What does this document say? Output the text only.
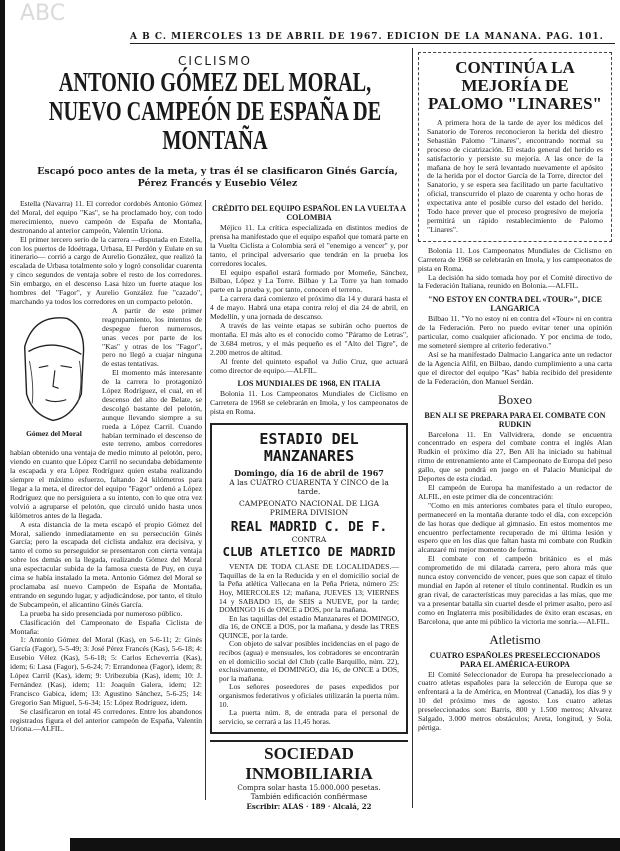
ABC
A B C. MIERCOLES 13 DE ABRIL DE 1967. EDICION DE LA MAÑANA. PAG. 101.
CICLISMO
ANTONIO GÓMEZ DEL MORAL, NUEVO CAMPEÓN DE ESPAÑA DE MONTAÑA
Escapó poco antes de la meta, y tras él se clasificaron Ginés García, Pérez Francés y Eusebio Vélez

Estella (Navarra) 11. El corredor cordobés Antonio Gómez del Moral, del equipo "Kas", se ha proclamado hoy, con todo merecimiento, nuevo campeón de España de Montaña, destronando al anterior campeón, Valentín Uriona.

El primer tercero serio de la carrera —disputada en Estella, con los puertos de Idoétraga, Urbasa, El Perdón y Eulate en su itinerario— corrió a cargo de Aurelio González, que realizó la escalada de Urbasa totalmente solo y logró consolidar cuarenta y cinco segundos de ventaja sobre el resto de los corredores. Sin embargo, en el descenso Lasa hizo un fuerte ataque los hombres del "Fagor", y Aurelio González fue "cazado", marchando ya todos los corredores en un compacto pelotón.

Gómez del Moral

A partir de este primer reagrupamiento, los intentos de despegue fueron numerosos, unas veces por parte de los "Kas" y otras de los "Fagor", pero no llegó a cuajar ninguna de estas tentativas.

El momento más interesante de la carrera lo protagonizó López Rodríguez, el cual, en el descenso del alto de Belate, se descolgó bastante del pelotón, aunque llevando siempre a su rueda a López Carril. Cuando habían terminado el descenso de este terreno, ambos corredores habían obtenido una ventaja de medio minuto al pelotón, pero, viendo en cuanto que López Carril no secundaba debidamente la escapada y era López Rodríguez quien estaba realizando siempre el máximo esfuerzo, faltando 24 kilómetros para llegar a la meta, el director del equipo "Fagor" ordenó a López Rodríguez que no persiguiera a su intento, con lo que otra vez volvió a agruparse el pelotón, que circuló unido hasta unos kilómetros antes de la llegada.

A esta distancia de la meta escapó el propio Gómez del Moral, saliendo inmediatamente en su persecución Ginés García; pero la escapada del ciclista andaluz era decisiva, y tanto el como su perseguidor se presentaron con cierta ventaja sobre los demás en la llegada, realizando Gómez del Moral una espectacular subida de la famosa cuesta de Puy, en cuya cima se había instalado la meta. Antonio Gómez del Moral se proclamaba así nuevo Campeón de España de Montaña, entrando en segundo lugar, y adjudicándose, por tanto, el título de Subcampeón, el alicantino Ginés García.

La prueba ha sido presenciada por numeroso público.

Clasificación del Campeonato de España Ciclista de Montaña:

1: Antonio Gómez del Moral (Kas), en 5-6-11; 2: Ginés García (Fagor), 5-5-49; 3: José Pérez Francés (Kas), 5-6-18; 4: Eusebio Vélez (Kas), 5-6-18; 5: Carlos Echeverría (Kas), idem; 6: Lasa (Fagor), 5-6-24; 7: Errandonea (Fagor), idem; 8: López Carril (Kas), idem; 9: Uribezubia (Kas), idem; 10: J. Fernández (Kas), idem; 11: Joaquín Galera, idem; 12: Francisco Gabica, idem; 13: Agustino Sánchez, 5-6-25; 14: Gregorio San Miguel, 5-6-34; 15: López Rodríguez, idem.

Se clasificaron en total 45 corredores. Entre los abandonos registrados figura el del anterior campeón de España, Valentín Uriona.—ALFIL.

CRÉDITO DEL EQUIPO ESPAÑOL EN LA VUELTA A COLOMBIA

Méjico 11. La crítica especializada en distintos medios de prensa ha manifestado que el equipo español que tomará parte en la Vuelta Ciclista a Colombia será el "enemigo a vencer" y, por tanto, el principal adversario que tendrán en la prueba los corredores locales.

El equipo español estará formado por Momeñe, Sánchez, Bilbao, López y La Torre. Bilbao y La Torre ya han tomado parte en la prueba y, por tanto, conocen el terreno.

La carrera dará comienzo el próximo día 14 y durará hasta el 4 de mayo. Habrá una etapa contra reloj el día 24 de abril, en Medellín, y una jornada de descanso.

A través de las veinte etapas se subirán ocho puertos de montaña. El más alto es el conocido como "Páramo de Letras", de 3.684 metros, y el más pequeño es el "Alto del Tigre", de 2.200 metros de altitud.

Al frente del quinteto español va Julio Cruz, que actuará como director de equipo.—ALFIL.

LOS MUNDIALES DE 1968, EN ITALIA

Bolonia 11. Los Campeonatos Mundiales de Ciclismo en Carretera de 1968 se celebrarán en Imola, y los campeonatos de pista en Roma.

ESTADIO DEL MANZANARES

Domingo, día 16 de abril de 1967

A las CUATRO CUARENTA Y CINCO de la tarde.

CAMPEONATO NACIONAL DE LIGA

PRIMERA DIVISION

REAL MADRID C. DE F.

CONTRA

CLUB ATLETICO DE MADRID

VENTA DE TODA CLASE DE LOCALIDADES.—Taquillas de la en la Reducida y en el domicilio social de la Peña atlética Vallecana en la Peña Prieta, número 25: Hoy, MIERCOLES 12; mañana, JUEVES 13; VIERNES 14 y SABADO 15, de SEIS a NUEVE, por la tarde; DOMINGO 16 de ONCE a DOS, por la mañana.

En las taquillas del estadio Manzanares el DOMINGO, día 16, de ONCE a DOS, por la mañana, y desde las TRES QUINCE, por la tarde.

Con objeto de salvar posibles incidencias en el pago de recibos (agua) e mensuales, los cobradores se encontrarán en el domicilio social del Club (calle Barquillo, núm. 22), exclusivamente, el DOMINGO, día 16, de ONCE a DOS, por la mañana.

Los señores poseedores de pases expedidos por organismos federativos y oficiales utilizarán la puerta núm. 10.

La puerta núm. 8, de entrada para el personal de servicio, se cerrará a las 11,45 horas.

SOCIEDAD INMOBILIARIA
Compra solar hasta 15.000.000 pesetas.
También edificación confiérmase
Escribir: ALAS · 189 · Alcalá, 22
CONTINÚA LA MEJORÍA DE PALOMO "LINARES"

A primera hora de la tarde de ayer los médicos del Sanatorio de Toreros reconocieron la herida del diestro Sebastián Palomo "Linares", encontrando normal su proceso de cicatrización. El estado general del herido es satisfactorio y persiste su mejoría. A las once de la mañana de hoy le será levantado nuevamente el apósito de la herida por el doctor García de la Torre, director del Sanatorio, y se espera sea facilitado un parte facultativo oficial, transcurrido el plazo de cuarenta y ocho horas de expectativa ante el posible curso del estado del herido. Todo hace prever que el proceso progresivo de mejoría permitirá un rápido restablecimiento de Palomo "Linares".

Bolonia 11. Los Campeonatos Mundiales de Ciclismo en Carretera de 1968 se celebrarán en Imola, y los campeonatos de pista en Roma.

La decisión ha sido tomada hoy por el Comité directivo de la Federación Italiana, reunido en Bolonia.—ALFIL.

"NO ESTOY EN CONTRA DEL «TOUR»", DICE LANGARICA

Bilbao 11. "Yo no estoy ni en contra del «Tour» ni en contra de la Federación. Pero no puedo evitar tener una opinión particular, como cualquier aficionado. Y por encima de todo, me someteré siempre al criterio federativo."

Así se ha manifestado Dalmacio Langarica ante un redactor de la Agencia Alfil, en Bilbao, dando cumplimiento a una carta que el director del equipo "Kas" había recibido del presidente de la Federación, don Manuel Serdán.

Boxeo
BEN ALI SE PREPARA PARA EL COMBATE CON RUDKIN

Barcelona 11. En Vallvidrera, donde se encuentra concentrado en espera del combate contra el inglés Alan Rudkin el próximo día 27, Ben Alí ha iniciado su habitual ritmo de entrenamiento ante el Campeonato de Europa del peso gallo, que se pondrá en juego en el Palacio Municipal de Deportes de esta ciudad.

El campeón de Europa ha manifestado a un redactor de ALFIL, en este primer día de concentración:

"Como en mis anteriores combates para el título europeo, permaneceré en la montaña durante todo el día, con excepción de las horas que dedique al gimnasio. En estos momentos me encuentro perfectamente recuperado de mi última lesión y espero que en los días que faltan hasta mi combate con Rudkin alcanzaré mi mejor momento de forma.

El combate con el campeón británico es el más comprometido de mi dilatada carrera, pero ahora más que nunca estoy convencido de vencer, pues que son capaz el título mundial en Japón al retener el título continental. Rudkin es un gran rival, de características muy parecidas a las mías, que me va a presentar batalla sin cuartel desde el primer asalto, pero así como en Inglaterra mis posibilidades de éxito eran escasas, en Barcelona, que ante mi público la victoria me sonría.—ALFIL.

Atletismo
CUATRO ESPAÑOLES PRESELECCIONADOS PARA EL AMÉRICA-EUROPA

El Comité Seleccionador de Europa ha preseleccionado a cuatro atletas españoles para la selección de Europa que se enfrentará a la de América, en Montreal (Canadá), los días 9 y 10 del próximo mes de agosto. Los cuatro atletas preseleccionados son: Barris, 800 y 1.500 metros; Alvarez Salgado, 3.000 metros obstáculos; Areta, longitud, y Sola, pértiga.
